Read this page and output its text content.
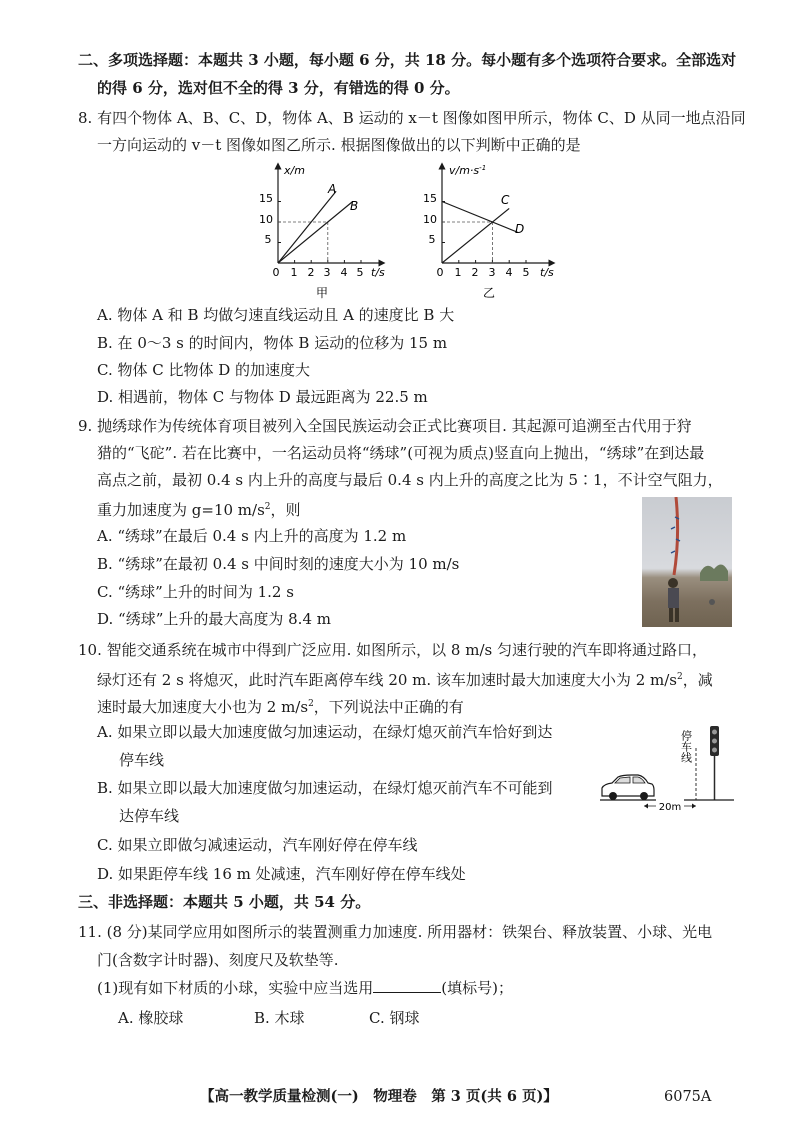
二、多项选择题：本题共 3 小题，每小题 6 分，共 18 分。每小题有多个选项符合要求。全部选对
的得 6 分，选对但不全的得 3 分，有错选的得 0 分。
8. 有四个物体 A、B、C、D，物体 A、B 运动的 x－t 图像如图甲所示，物体 C、D 从同一地点沿同
一方向运动的 v－t 图像如图乙所示. 根据图像做出的以下判断中正确的是
x/m
t/s
5
10
15
0 1 2 3 4 5
A
B
甲
$v/m\cdot s^{-1}$
t/s
5
10
15
0 1 2 3 4 5
C
D
乙
A. 物体 A 和 B 均做匀速直线运动且 A 的速度比 B 大
B. 在 0～3 s 的时间内，物体 B 运动的位移为 15 m
C. 物体 C 比物体 D 的加速度大
D. 相遇前，物体 C 与物体 D 最远距离为 22.5 m
9. 抛绣球作为传统体育项目被列入全国民族运动会正式比赛项目. 其起源可追溯至古代用于狩
猎的“飞砣”. 若在比赛中，一名运动员将“绣球”(可视为质点)竖直向上抛出，“绣球”在到达最
高点之前，最初 0.4 s 内上升的高度与最后 0.4 s 内上升的高度之比为 5∶1，不计空气阻力，
重力加速度为 g=10 $m/s^2$，则
A. “绣球”在最后 0.4 s 内上升的高度为 1.2 m
B. “绣球”在最初 0.4 s 中间时刻的速度大小为 10 m/s
C. “绣球”上升的时间为 1.2 s
D. “绣球”上升的最大高度为 8.4 m
10. 智能交通系统在城市中得到广泛应用. 如图所示，以 8 m/s 匀速行驶的汽车即将通过路口，
绿灯还有 2 s 将熄灭，此时汽车距离停车线 20 m. 该车加速时最大加速度大小为 2 $m/s^2$，减
速时最大加速度大小也为 2 $m/s^2$，下列说法中正确的有
A. 如果立即以最大加速度做匀加速运动，在绿灯熄灭前汽车恰好到达
停车线
B. 如果立即以最大加速度做匀加速运动，在绿灯熄灭前汽车不可能到
达停车线
C. 如果立即做匀减速运动，汽车刚好停在停车线
D. 如果距停车线 16 m 处减速，汽车刚好停在停车线处
停车线
20m
三、非选择题：本题共 5 小题，共 54 分。
11. (8 分)某同学应用如图所示的装置测重力加速度. 所用器材：铁架台、释放装置、小球、光电
门(含数字计时器)、刻度尺及软垫等.
(1)现有如下材质的小球，实验中应当选用	(填标号)；
A. 橡胶球	B. 木球	C. 钢球
【高一教学质量检测(一)　物理卷　第 3 页(共 6 页)】	6075A
